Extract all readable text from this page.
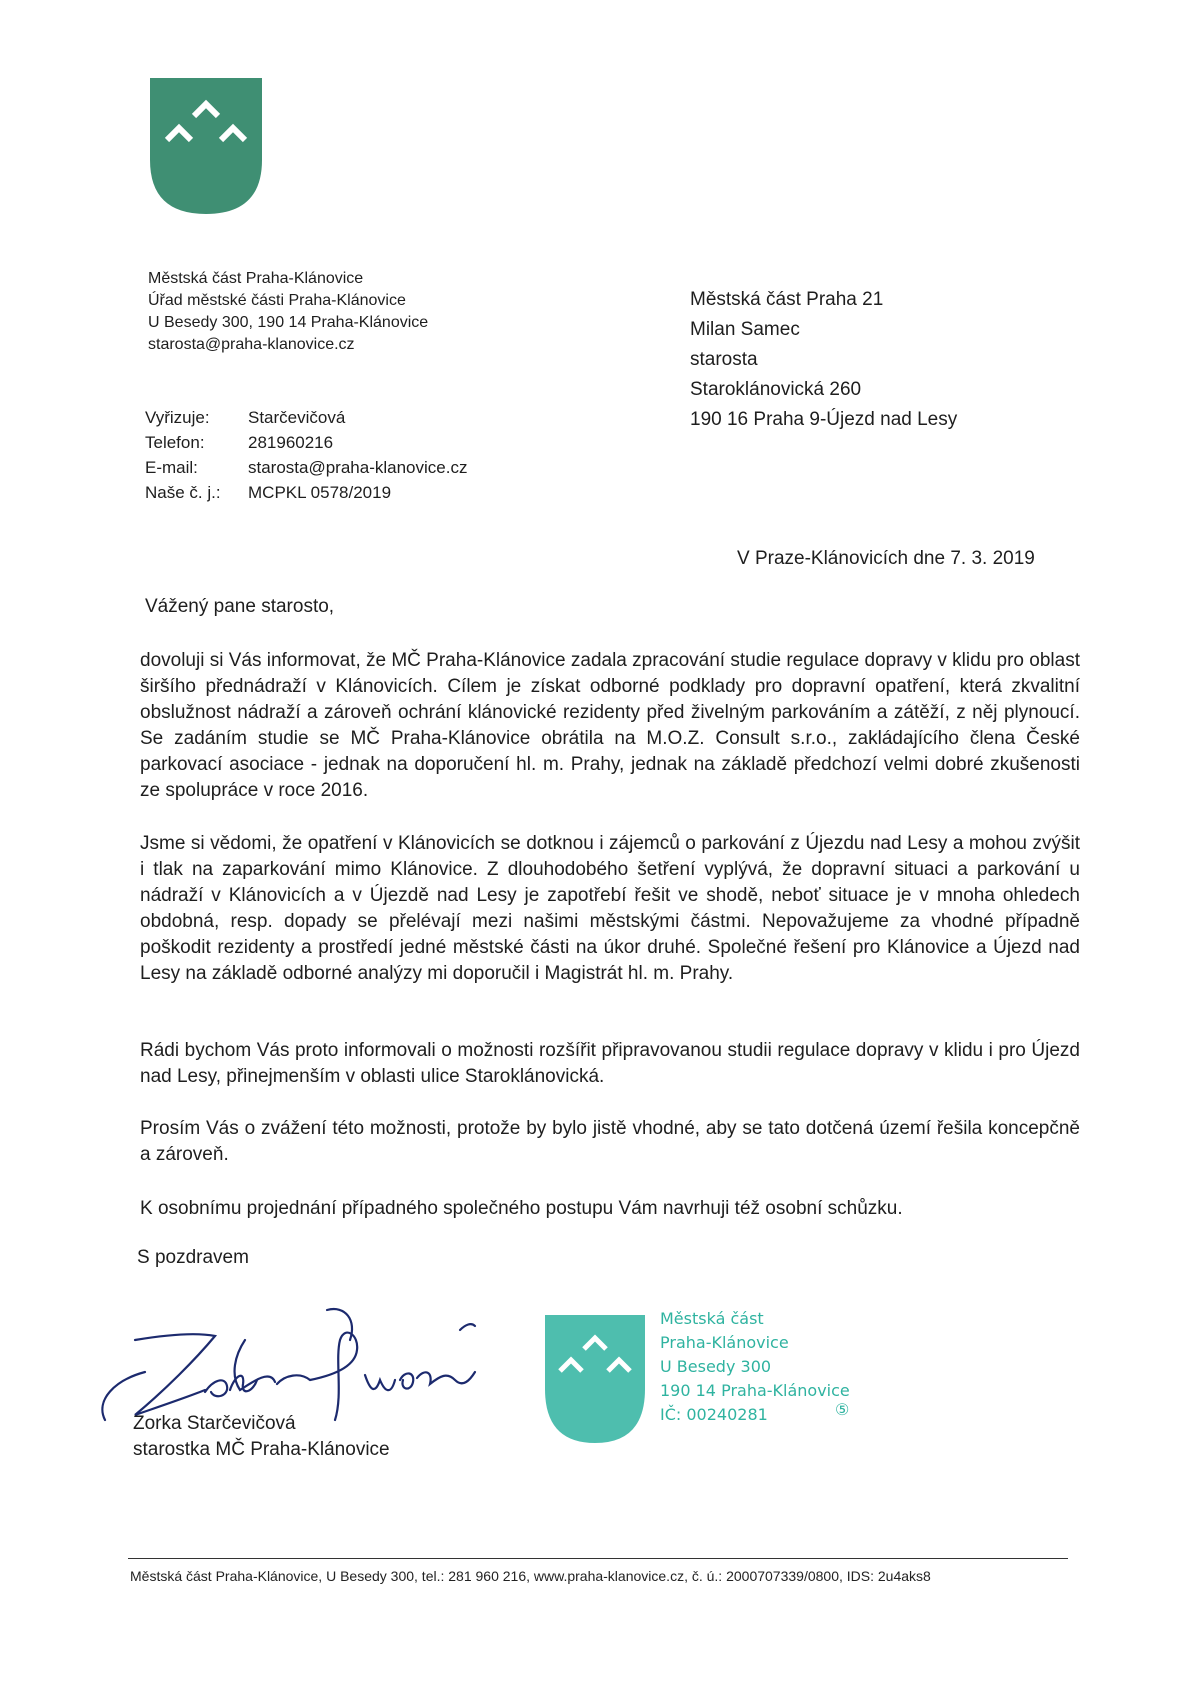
Městská část Praha-Klánovice
Úřad městské části Praha-Klánovice
U Besedy 300, 190 14 Praha-Klánovice
starosta@praha-klanovice.cz
Vyřizuje:	Starčevičová
Telefon:	281960216
E-mail:	starosta@praha-klanovice.cz
Naše č. j.:	MCPKL 0578/2019
Městská část Praha 21
Milan Samec
starosta
Staroklánovická 260
190 16 Praha 9-Újezd nad Lesy
V Praze-Klánovicích dne 7. 3. 2019
Vážený pane starosto,
dovoluji si Vás informovat, že MČ Praha-Klánovice zadala zpracování studie regulace dopravy v klidu pro oblast širšího přednádraží v Klánovicích. Cílem je získat odborné podklady pro dopravní opatření, která zkvalitní obslužnost nádraží a zároveň ochrání klánovické rezidenty před živelným parkováním a zátěží, z něj plynoucí. Se zadáním studie se MČ Praha-Klánovice obrátila na M.O.Z. Consult s.r.o., zakládajícího člena České parkovací asociace - jednak na doporučení hl. m. Prahy, jednak na základě předchozí velmi dobré zkušenosti ze spolupráce v roce 2016.
Jsme si vědomi, že opatření v Klánovicích se dotknou i zájemců o parkování z Újezdu nad Lesy a mohou zvýšit i tlak na zaparkování mimo Klánovice. Z dlouhodobého šetření vyplývá, že dopravní situaci a parkování u nádraží v Klánovicích a v Újezdě nad Lesy je zapotřebí řešit ve shodě, neboť situace je v mnoha ohledech obdobná, resp. dopady se přelévají mezi našimi městskými částmi. Nepovažujeme za vhodné případně poškodit rezidenty a prostředí jedné městské části na úkor druhé. Společné řešení pro Klánovice a Újezd nad Lesy na základě odborné analýzy mi doporučil i Magistrát hl. m. Prahy.
Rádi bychom Vás proto informovali o možnosti rozšířit připravovanou studii regulace dopravy v klidu i pro Újezd nad Lesy, přinejmenším v oblasti ulice Staroklánovická.
Prosím Vás o zvážení této možnosti, protože by bylo jistě vhodné, aby se tato dotčená území řešila koncepčně a zároveň.
K osobnímu projednání případného společného postupu Vám navrhuji též osobní schůzku.
S pozdravem
Zorka Starčevičová
starostka MČ Praha-Klánovice
Městská část
Praha-Klánovice
U Besedy 300
190 14 Praha-Klánovice
IČ: 00240281	⑤
Městská část Praha-Klánovice, U Besedy 300, tel.: 281 960 216, www.praha-klanovice.cz, č. ú.: 2000707339/0800, IDS: 2u4aks8
